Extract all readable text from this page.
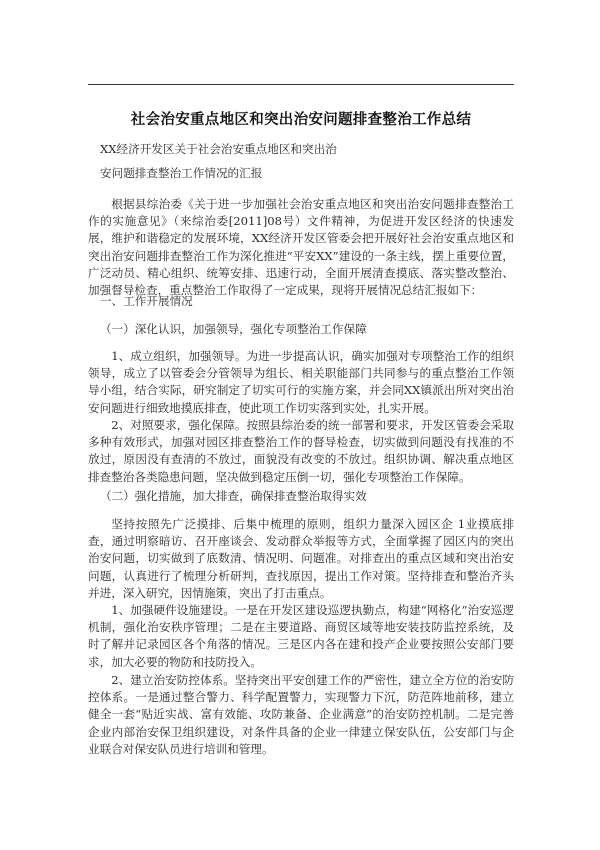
社会治安重点地区和突出治安问题排查整治工作总结

XX经济开发区关于社会治安重点地区和突出治

安问题排查整治工作情况的汇报

根据县综治委《关于进一步加强社会治安重点地区和突出治安问题排查整治工作的实施意见》（来综治委[2011]08号）文件精神，为促进开发区经济的快速发展，维护和谐稳定的发展环境，XX经济开发区管委会把开展好社会治安重点地区和突出治安问题排查整治工作为深化推进“平安XX”建设的一条主线，摆上重要位置，广泛动员、精心组织、统筹安排、迅速行动，全面开展清查摸底、落实整改整治、加强督导检查，重点整治工作取得了一定成果，现将开展情况总结汇报如下：

一、工作开展情况

（一）深化认识，加强领导，强化专项整治工作保障

1、成立组织，加强领导。为进一步提高认识，确实加强对专项整治工作的组织领导，成立了以管委会分管领导为组长、相关职能部门共同参与的重点整治工作领导小组，结合实际，研究制定了切实可行的实施方案，并会同XX镇派出所对突出治安问题进行细致地摸底排查，使此项工作切实落到实处，扎实开展。

2、对照要求，强化保障。按照县综治委的统一部署和要求，开发区管委会采取多种有效形式，加强对园区排查整治工作的督导检查，切实做到问题没有找准的不放过，原因没有查清的不放过，面貌没有改变的不放过。组织协调、解决重点地区排查整治各类隐患问题，坚决做到稳定压倒一切，强化专项整治工作保障。

（二）强化措施，加大排查，确保排查整治取得实效

坚持按照先广泛摸排、后集中梳理的原则，组织力量深入园区企 1业摸底排查，通过明察暗访、召开座谈会、发动群众举报等方式，全面掌握了园区内的突出治安问题，切实做到了底数清、情况明、问题准。对排查出的重点区域和突出治安问题，认真进行了梳理分析研判，查找原因，提出工作对策。坚持排查和整治齐头并进，深入研究，因情施策，突出了打击重点。

1、加强硬件设施建设。一是在开发区建设巡逻执勤点，构建“网格化”治安巡逻机制，强化治安秩序管理；二是在主要道路、商贸区域等地安装技防监控系统，及时了解并记录园区各个角落的情况。三是区内各在建和投产企业要按照公安部门要求，加大必要的物防和技防投入。

2、建立治安防控体系。坚持突出平安创建工作的严密性，建立全方位的治安防控体系。一是通过整合警力、科学配置警力，实现警力下沉，防范阵地前移，建立健全一套“贴近实战、富有效能、攻防兼备、企业满意”的治安防控机制。二是完善企业内部治安保卫组织建设，对条件具备的企业一律建立保安队伍，公安部门与企业联合对保安队员进行培训和管理。
